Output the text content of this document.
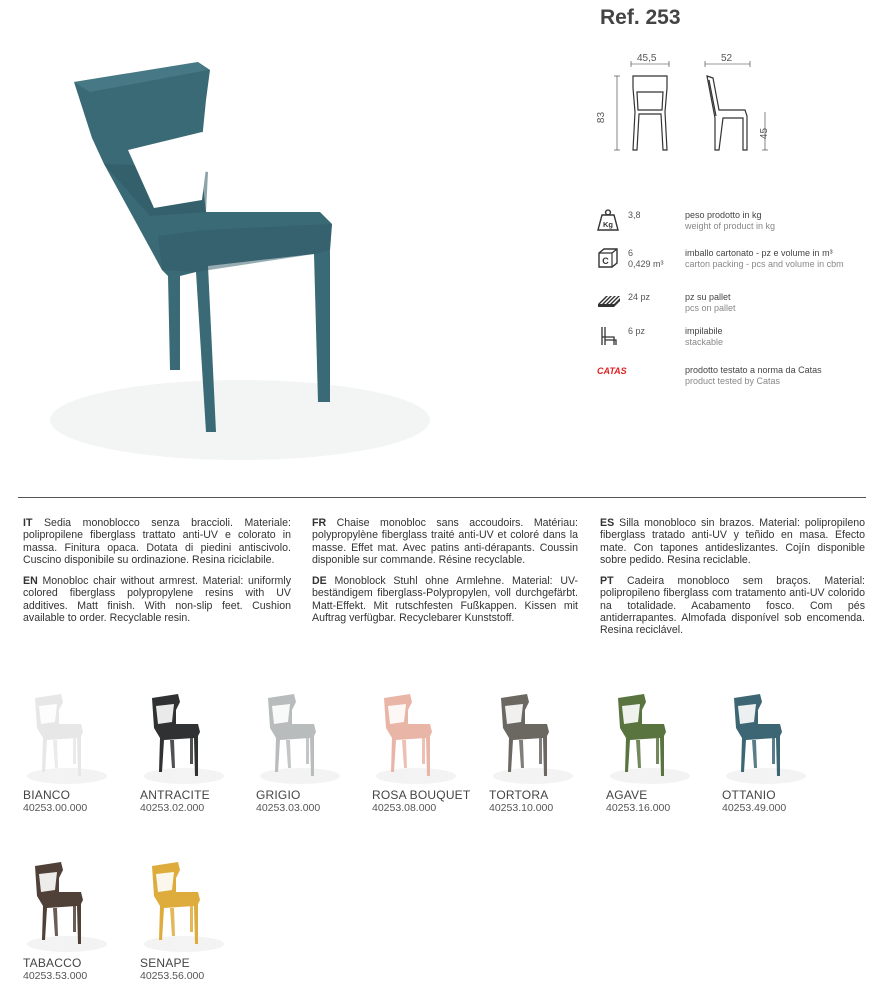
Ref. 253
45,5	52
83
45
Kg
3,8	peso prodotto in kg
weight of product in kg
C
6
0,429 m³
imballo cartonato - pz e volume in m³
carton packing - pcs and volume in cbm
24 pz	pz su pallet
pcs on pallet
6 pz	impilabile
stackable
CATAS	prodotto testato a norma da Catas
product tested by Catas

IT Sedia monoblocco senza braccioli. Materiale: polipropilene fiberglass trattato anti-UV e colorato in massa. Finitura opaca. Dotata di piedini antiscivolo. Cuscino disponibile su ordinazione. Resina riciclabile.

EN Monobloc chair without armrest. Material: uniformly colored fiberglass polypropylene resins with UV additives. Matt finish. With non-slip feet. Cushion available to order. Recyclable resin.

FR Chaise monobloc sans accoudoirs. Matériau: polypropylène fiberglass traité anti-UV et coloré dans la masse. Effet mat. Avec patins anti-dérapants. Coussin disponible sur commande. Résine recyclable.

DE Monoblock Stuhl ohne Armlehne. Material: UV-beständigem fiberglass-Polypropylen, voll durchgefärbt. Matt-Effekt. Mit rutschfesten Fußkappen. Kissen mit Auftrag verfügbar. Recyclebarer Kunststoff.

ES Silla monobloco sin brazos. Material: polipropileno fiberglass tratado anti-UV y teñido en masa. Efecto mate. Con tapones antideslizantes. Cojín disponible sobre pedido. Resina reciclable.

PT Cadeira monobloco sem braços. Material: polipropileno fiberglass com tratamento anti-UV colorido na totalidade. Acabamento fosco. Com pés antiderrapantes. Almofada disponível sob encomenda. Resina reciclável.

BIANCO
40253.00.000
ANTRACITE
40253.02.000
GRIGIO
40253.03.000
ROSA BOUQUET
40253.08.000
TORTORA
40253.10.000
AGAVE
40253.16.000
OTTANIO
40253.49.000
TABACCO
40253.53.000
SENAPE
40253.56.000
